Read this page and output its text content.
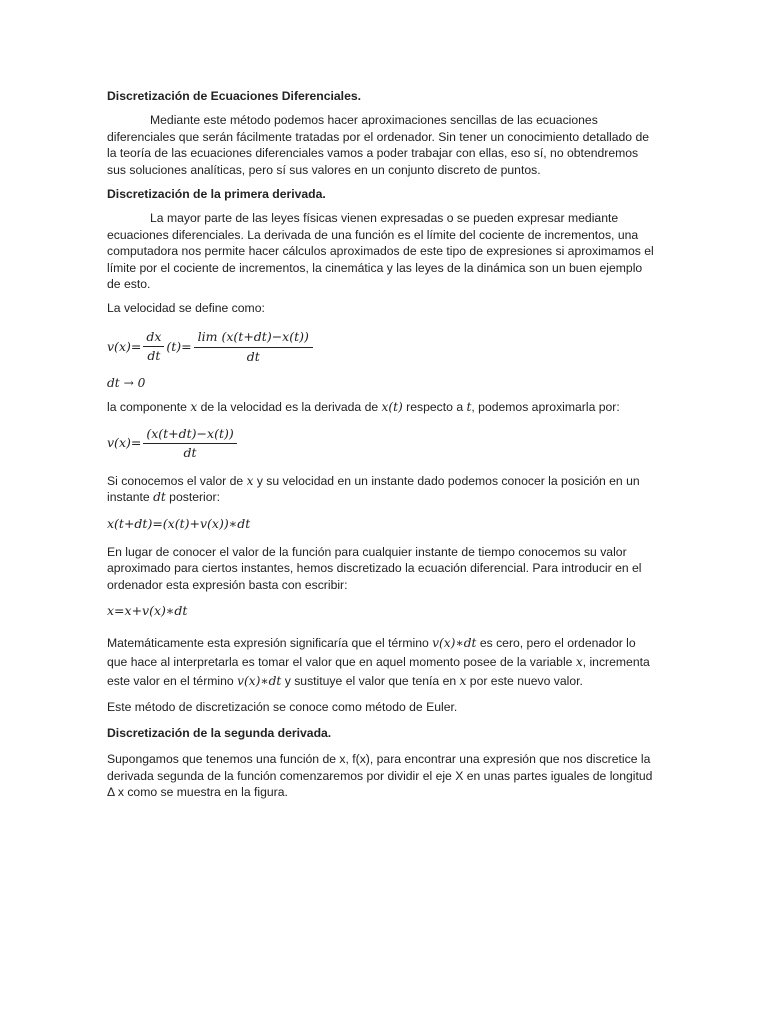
Discretización de Ecuaciones Diferenciales.
Mediante este método podemos hacer aproximaciones sencillas de las ecuaciones diferenciales que serán fácilmente tratadas por el ordenador. Sin tener un conocimiento detallado de la teoría de las ecuaciones diferenciales vamos a poder trabajar con ellas, eso sí, no obtendremos sus soluciones analíticas, pero sí sus valores en un conjunto discreto de puntos.
Discretización de la primera derivada.
La mayor parte de las leyes físicas vienen expresadas o se pueden expresar mediante ecuaciones diferenciales. La derivada de una función es el límite del cociente de incrementos, una computadora nos permite hacer cálculos aproximados de este tipo de expresiones si aproximamos el límite por el cociente de incrementos, la cinemática y las leyes de la dinámica son un buen ejemplo de esto.
La velocidad se define como:
$v(x)= \frac{dx}{dt} (t)= \frac{\lim (x(t+dt)-x(t))}{dt}$
dt → 0
la componente x de la velocidad es la derivada de x(t) respecto a t, podemos aproximarla por:
$v(x)= \frac{(x(t+dt)-x(t))}{dt}$
Si conocemos el valor de x y su velocidad en un instante dado podemos conocer la posición en un instante dt posterior:
x(t+dt)=(x(t)+v(x))∗dt
En lugar de conocer el valor de la función para cualquier instante de tiempo conocemos su valor aproximado para ciertos instantes, hemos discretizado la ecuación diferencial. Para introducir en el ordenador esta expresión basta con escribir:
x=x+v(x)∗dt
Matemáticamente esta expresión significaría que el término v(x)∗dt es cero, pero el ordenador lo que hace al interpretarla es tomar el valor que en aquel momento posee de la variable x, incrementa este valor en el término v(x)∗dt y sustituye el valor que tenía en x por este nuevo valor.
Este método de discretización se conoce como método de Euler.
Discretización de la segunda derivada.
Supongamos que tenemos una función de x, f(x), para encontrar una expresión que nos discretice la derivada segunda de la función comenzaremos por dividir el eje X en unas partes iguales de longitud Δ x como se muestra en la figura.
